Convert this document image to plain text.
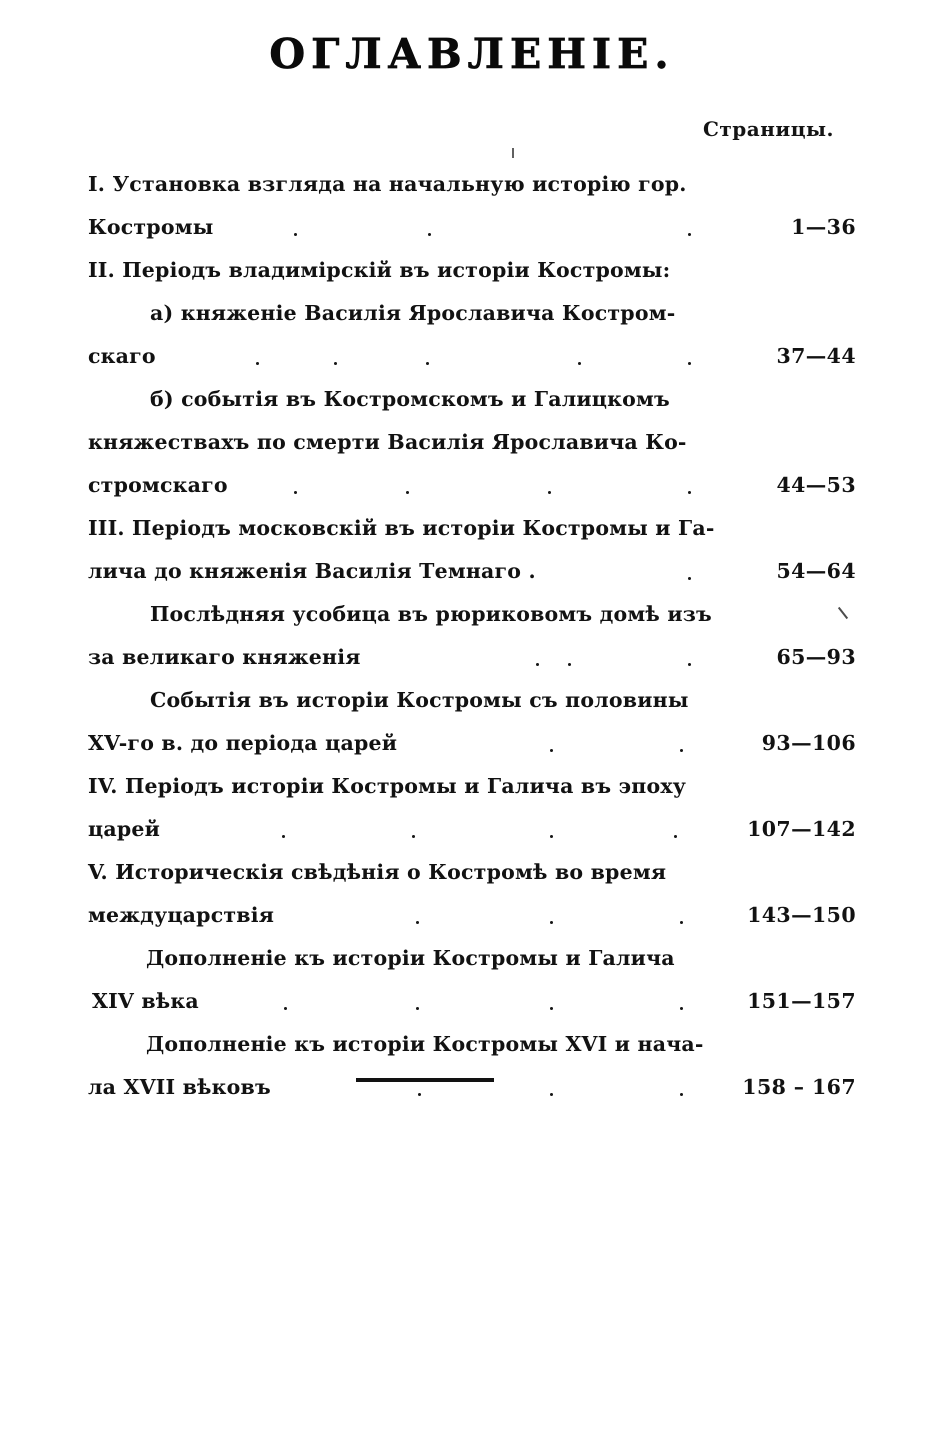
ОГЛАВЛЕНІЕ.
Страницы.
I. Установка взгляда на начальную исторію гор.
Костромы	1—36
II. Періодъ владимірскій въ исторіи Костромы:
а) княженіе Василія Ярославича Костром-
скаго	37—44
б) событія въ Костромскомъ и Галицкомъ
княжествахъ по смерти Василія Ярославича Ко-
стромскаго	44—53
III. Періодъ московскій въ исторіи Костромы и Га-
лича до княженія Василія Темнаго .	54—64
Послѣдняя усобица въ рюриковомъ домѣ изъ
за великаго княженія	65—93
Событія въ исторіи Костромы съ половины
XV-го в. до періода царей	93—106
IV. Періодъ исторіи Костромы и Галича въ эпоху
царей	107—142
V. Историческія свѣдѣнія о Костромѣ во время
междуцарствія	143—150
Дополненіе къ исторіи Костромы и Галича
XIV вѣка	151—157
Дополненіе къ исторіи Костромы XVI и нача-
ла XVII вѣковъ	158 – 167
